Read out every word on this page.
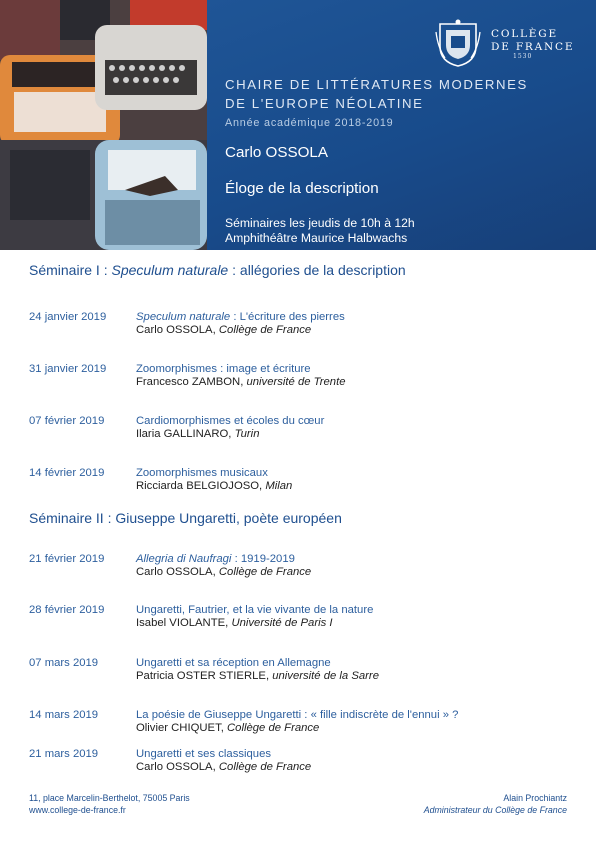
COLLÈGE
DE FRANCE
1530
CHAIRE DE LITTÉRATURES MODERNES
DE L'EUROPE NÉOLATINE
Année académique 2018-2019
Carlo OSSOLA
Éloge de la description
Séminaires les jeudis de 10h à 12h
Amphithéâtre Maurice Halbwachs
Séminaire I : Speculum naturale : allégories de la description
24 janvier 2019	Speculum naturale : L'écriture des pierres
Carlo OSSOLA, Collège de France
31 janvier 2019	Zoomorphismes : image et écriture
Francesco ZAMBON, université de Trente
07 février 2019	Cardiomorphismes et écoles du cœur
Ilaria GALLINARO, Turin
14 février 2019	Zoomorphismes musicaux
Ricciarda BELGIOJOSO, Milan
Séminaire II : Giuseppe Ungaretti, poète européen
21 février 2019	Allegria di Naufragi : 1919-2019
Carlo OSSOLA, Collège de France
28 février 2019	Ungaretti, Fautrier, et la vie vivante de la nature
Isabel VIOLANTE, Université de Paris I
07 mars 2019	Ungaretti et sa réception en Allemagne
Patricia OSTER STIERLE, université de la Sarre
14 mars 2019	La poésie de Giuseppe Ungaretti : « fille indiscrète de l'ennui » ?
Olivier CHIQUET, Collège de France
21 mars 2019	Ungaretti et ses classiques
Carlo OSSOLA, Collège de France
11, place Marcelin-Berthelot, 75005 Paris
www.college-de-france.fr
Alain Prochiantz
Administrateur du Collège de France
